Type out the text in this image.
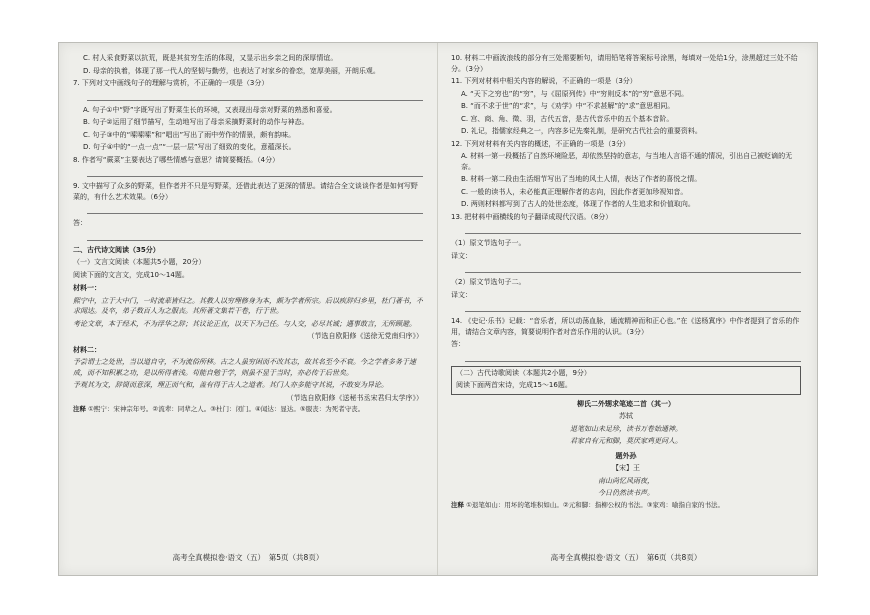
C. 村人采食野菜以抗荒，既是其贫穷生活的体现，又显示出乡亲之间的深厚情谊。

D. 母亲的执着，体现了那一代人的坚韧与勤劳，也表达了对家乡的眷恋，宽厚美丽，开朗乐观。

7. 下列对文中画线句子的理解与赏析，不正确的一项是（3分）

A. 句子①中“野”字既写出了野菜生长的环境，又表现出母亲对野菜的熟悉和喜爱。

B. 句子②运用了细节描写，生动地写出了母亲采摘野菜时的动作与神态。

C. 句子③中的“嗦嗦嗦”和“唱出”写出了雨中劳作的情景，颇有韵味。

D. 句子④中的“一点一点”“一层一层”写出了细致的变化，意蕴深长。

8. 作者写“蕨菜”主要表达了哪些情感与意思？请简要概括。（4分）

9. 文中描写了众多的野菜，但作者并不只是写野菜，还借此表达了更深的情思。请结合全文谈谈作者是如何写野菜的，有什么艺术效果。（6分）

答：

二、古代诗文阅读（35分）

（一）文言文阅读（本题共5小题，20分）

阅读下面的文言文，完成10～14题。

材料一：

熙宁中，立于大中门，一时流辈皆归之。其教人以穷理修身为本，颇为学者所宗。后以疾辞归乡里，杜门著书，不求闻达。及卒，弟子数百人为之服丧。其所著文集若干卷，行于世。

考论文章，本于经术，不为浮华之辞；其议论正直，以天下为己任。与人交，必尽其诚；遇事敢言，无所顾避。

（节选自欧阳修《送徐无党南归序》）

材料二：

予尝谓士之处世，当以道自守，不为流俗所移。古之人虽穷困而不改其志，故其名至今不衰。今之学者多务于速成，而不知积累之功，是以所得者浅。苟能自勉于学，则虽不显于当时，亦必传于后世矣。

予观其为文，辞简而意深，理正而气和，盖有得于古人之道者。其门人亦多能守其说，不敢妄为异论。

（节选自欧阳修《送秘书丞宋君归太学序》）

注释 ①熙宁：宋神宗年号。②流辈：同辈之人。③杜门：闭门。④闻达：显达。⑤服丧：为死者守丧。

高考全真模拟卷·语文（五）　第5页（共8页）

10. 材料二中画波浪线的部分有三处需要断句，请用铅笔将答案标号涂黑，每填对一处给1分，涂黑超过三处不给分。（3分）

11. 下列对材料中相关内容的解说，不正确的一项是（3分）

A. “天下之穷也”的“穷”，与《屈原列传》中“穷则反本”的“穷”意思不同。

B. “而不求于世”的“求”，与《劝学》中“不求甚解”的“求”意思相同。

C. 宫、商、角、徵、羽，古代五音，是古代音乐中的五个基本音阶。

D. 礼记，指儒家经典之一，内容多记先秦礼制，是研究古代社会的重要资料。

12. 下列对材料有关内容的概述，不正确的一项是（3分）

A. 材料一第一段概括了自然环境险恶，却依然坚持的意志，与当地人言语不通的情况，引出自己被贬谪的无奈。

B. 材料一第二段由生活细节写出了当地的风土人情，表达了作者的喜悦之情。

C. 一般的读书人，未必能真正理解作者的志向，因此作者更加珍视知音。

D. 两则材料都写到了古人的处世态度，体现了作者的人生追求和价值取向。

13. 把材料中画横线的句子翻译成现代汉语。（8分）

（1）原文节选句子一。

译文：

（2）原文节选句子二。

译文：

14. 《史记·乐书》记载：“音乐者，所以动荡血脉，通流精神而和正心也。”在《送杨寘序》中作者提到了音乐的作用，请结合文章内容，简要说明作者对音乐作用的认识。（3分）

答：

（二）古代诗歌阅读（本题共2小题，9分）

阅读下面两首宋诗，完成15～16题。

柳氏二外甥求笔迹二首（其一）

苏轼

退笔如山未足珍，读书万卷始通神。

君家自有元和脚，莫厌家鸡更问人。

题外孙

【宋】王

南山尚忆风雨夜，

今日仍然读书声。

注释 ①退笔如山：用坏的笔堆积如山。②元和脚：指柳公权的书法。③家鸡：喻指自家的书法。

高考全真模拟卷·语文（五）　第6页（共8页）
